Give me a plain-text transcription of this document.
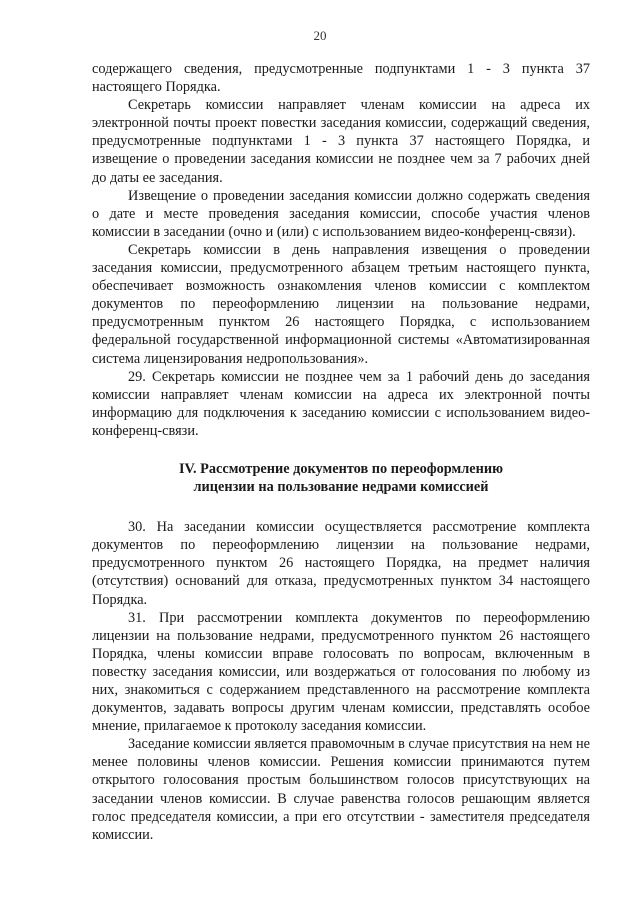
20

содержащего сведения, предусмотренные подпунктами 1 - 3 пункта 37 настоящего Порядка.

Секретарь комиссии направляет членам комиссии на адреса их электронной почты проект повестки заседания комиссии, содержащий сведения, предусмотренные подпунктами 1 - 3 пункта 37 настоящего Порядка, и извещение о проведении заседания комиссии не позднее чем за 7 рабочих дней до даты ее заседания.

Извещение о проведении заседания комиссии должно содержать сведения о дате и месте проведения заседания комиссии, способе участия членов комиссии в заседании (очно и (или) с использованием видео-конференц-связи).

Секретарь комиссии в день направления извещения о проведении заседания комиссии, предусмотренного абзацем третьим настоящего пункта, обеспечивает возможность ознакомления членов комиссии с комплектом документов по переоформлению лицензии на пользование недрами, предусмотренным пунктом 26 настоящего Порядка, с использованием федеральной государственной информационной системы «Автоматизированная система лицензирования недропользования».

29. Секретарь комиссии не позднее чем за 1 рабочий день до заседания комиссии направляет членам комиссии на адреса их электронной почты информацию для подключения к заседанию комиссии с использованием видео-конференц-связи.

IV. Рассмотрение документов по переоформлению
лицензии на пользование недрами комиссией

30. На заседании комиссии осуществляется рассмотрение комплекта документов по переоформлению лицензии на пользование недрами, предусмотренного пунктом 26 настоящего Порядка, на предмет наличия (отсутствия) оснований для отказа, предусмотренных пунктом 34 настоящего Порядка.

31. При рассмотрении комплекта документов по переоформлению лицензии на пользование недрами, предусмотренного пунктом 26 настоящего Порядка, члены комиссии вправе голосовать по вопросам, включенным в повестку заседания комиссии, или воздержаться от голосования по любому из них, знакомиться с содержанием представленного на рассмотрение комплекта документов, задавать вопросы другим членам комиссии, представлять особое мнение, прилагаемое к протоколу заседания комиссии.

Заседание комиссии является правомочным в случае присутствия на нем не менее половины членов комиссии. Решения комиссии принимаются путем открытого голосования простым большинством голосов присутствующих на заседании членов комиссии. В случае равенства голосов решающим является голос председателя комиссии, а при его отсутствии - заместителя председателя комиссии.
